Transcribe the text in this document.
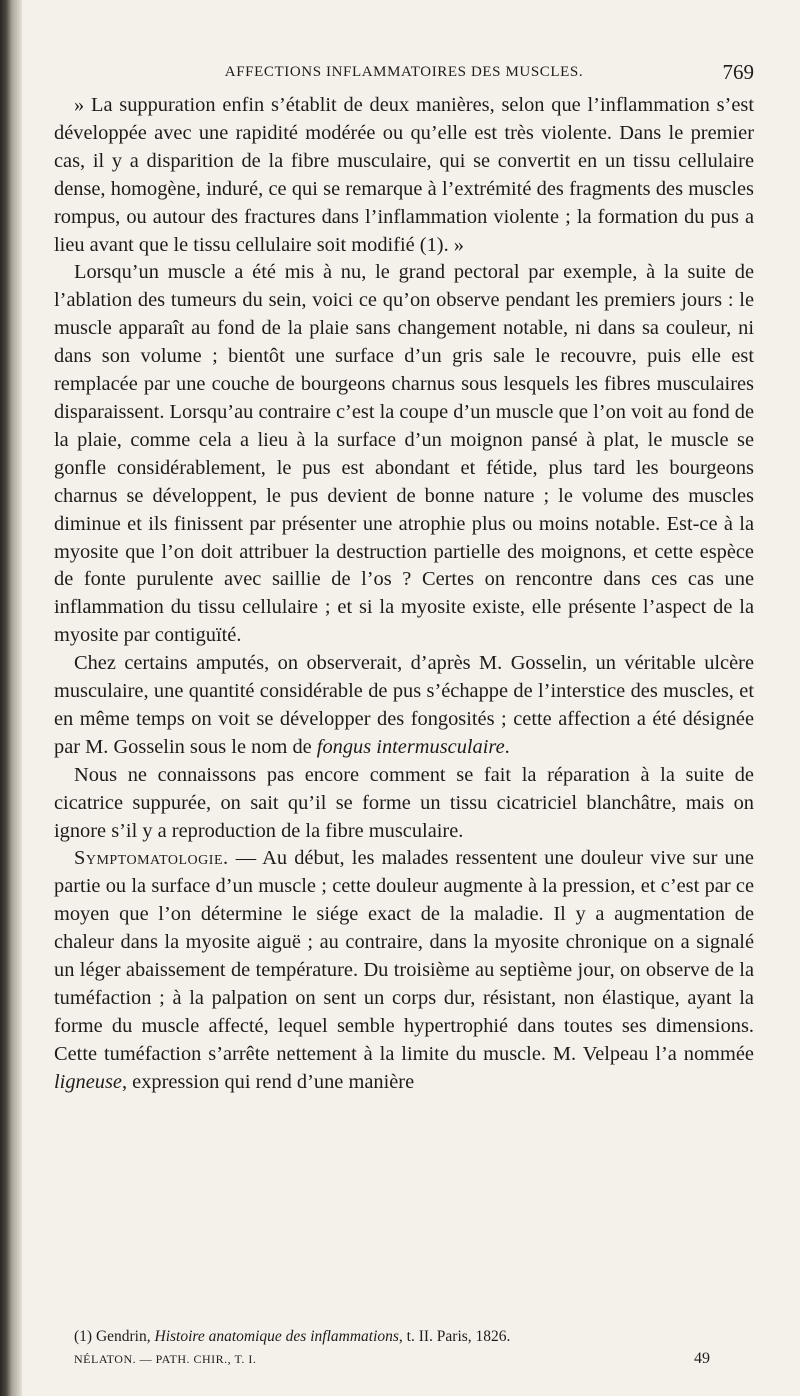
AFFECTIONS INFLAMMATOIRES DES MUSCLES.	769

» La suppuration enfin s’établit de deux manières, selon que l’inflammation s’est développée avec une rapidité modérée ou qu’elle est très violente. Dans le premier cas, il y a disparition de la fibre musculaire, qui se convertit en un tissu cellulaire dense, homogène, induré, ce qui se remarque à l’extrémité des fragments des muscles rompus, ou autour des fractures dans l’inflammation violente ; la formation du pus a lieu avant que le tissu cellulaire soit modifié (1). »

Lorsqu’un muscle a été mis à nu, le grand pectoral par exemple, à la suite de l’ablation des tumeurs du sein, voici ce qu’on observe pendant les premiers jours : le muscle apparaît au fond de la plaie sans changement notable, ni dans sa couleur, ni dans son volume ; bientôt une surface d’un gris sale le recouvre, puis elle est remplacée par une couche de bourgeons charnus sous lesquels les fibres musculaires disparaissent. Lorsqu’au contraire c’est la coupe d’un muscle que l’on voit au fond de la plaie, comme cela a lieu à la surface d’un moignon pansé à plat, le muscle se gonfle considérablement, le pus est abondant et fétide, plus tard les bourgeons charnus se développent, le pus devient de bonne nature ; le volume des muscles diminue et ils finissent par présenter une atrophie plus ou moins notable. Est-ce à la myosite que l’on doit attribuer la destruction partielle des moignons, et cette espèce de fonte purulente avec saillie de l’os ? Certes on rencontre dans ces cas une inflammation du tissu cellulaire ; et si la myosite existe, elle présente l’aspect de la myosite par contiguïté.

Chez certains amputés, on observerait, d’après M. Gosselin, un véritable ulcère musculaire, une quantité considérable de pus s’échappe de l’interstice des muscles, et en même temps on voit se développer des fongosités ; cette affection a été désignée par M. Gosselin sous le nom de fongus intermusculaire.

Nous ne connaissons pas encore comment se fait la réparation à la suite de cicatrice suppurée, on sait qu’il se forme un tissu cicatriciel blanchâtre, mais on ignore s’il y a reproduction de la fibre musculaire.

Symptomatologie. — Au début, les malades ressentent une douleur vive sur une partie ou la surface d’un muscle ; cette douleur augmente à la pression, et c’est par ce moyen que l’on détermine le siége exact de la maladie. Il y a augmentation de chaleur dans la myosite aiguë ; au contraire, dans la myosite chronique on a signalé un léger abaissement de température. Du troisième au septième jour, on observe de la tuméfaction ; à la palpation on sent un corps dur, résistant, non élastique, ayant la forme du muscle affecté, lequel semble hypertrophié dans toutes ses dimensions. Cette tuméfaction s’arrête nettement à la limite du muscle. M. Velpeau l’a nommée ligneuse, expression qui rend d’une manière

(1) Gendrin, Histoire anatomique des inflammations, t. II. Paris, 1826.
NÉLATON. — PATH. CHIR., T. I.	49
